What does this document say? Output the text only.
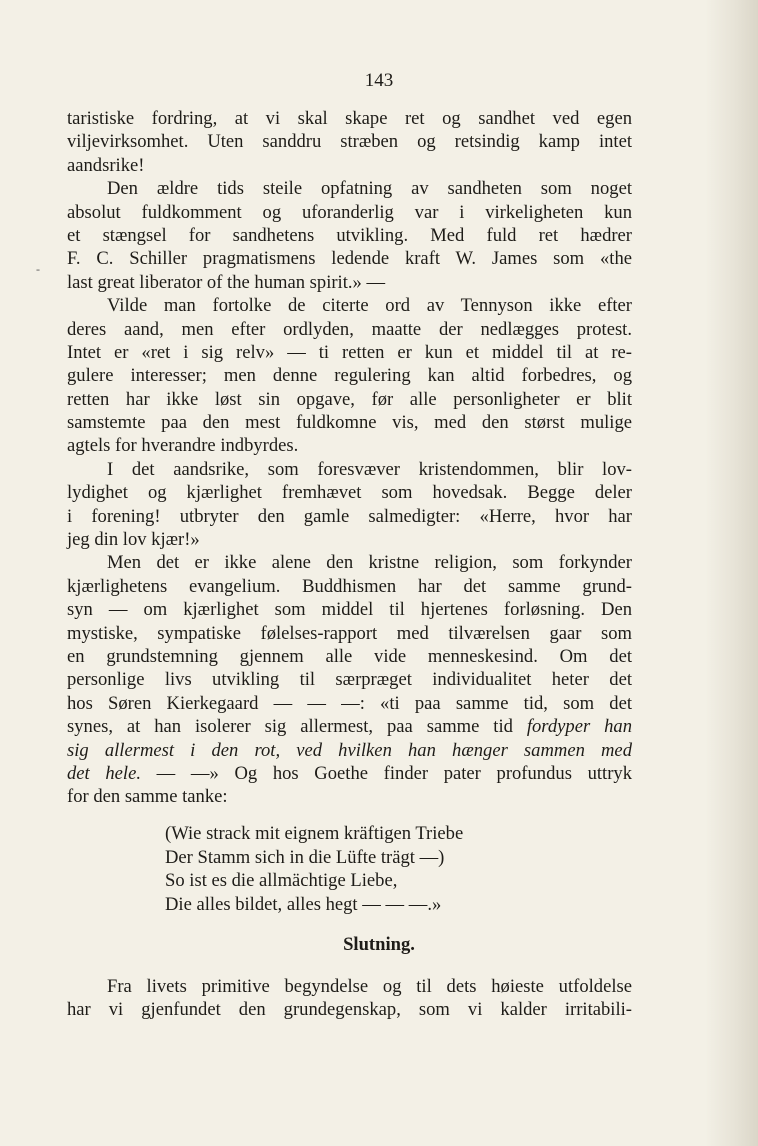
143
-
taristiske fordring, at vi skal skape ret og sandhet ved egen
viljevirksomhet. Uten sanddru stræben og retsindig kamp intet
aandsrike!
Den ældre tids steile opfatning av sandheten som noget
absolut fuldkomment og uforanderlig var i virkeligheten kun
et stængsel for sandhetens utvikling. Med fuld ret hædrer
F. C. Schiller pragmatismens ledende kraft W. James som «the
last great liberator of the human spirit.» —
Vilde man fortolke de citerte ord av Tennyson ikke efter
deres aand, men efter ordlyden, maatte der nedlægges protest.
Intet er «ret i sig relv» — ti retten er kun et middel til at re-
gulere interesser; men denne regulering kan altid forbedres, og
retten har ikke løst sin opgave, før alle personligheter er blit
samstemte paa den mest fuldkomne vis, med den størst mulige
agtels for hverandre indbyrdes.
I det aandsrike, som foresvæver kristendommen, blir lov-
lydighet og kjærlighet fremhævet som hovedsak. Begge deler
i forening! utbryter den gamle salmedigter: «Herre, hvor har
jeg din lov kjær!»
Men det er ikke alene den kristne religion, som forkynder
kjærlighetens evangelium. Buddhismen har det samme grund-
syn — om kjærlighet som middel til hjertenes forløsning. Den
mystiske, sympatiske følelses-rapport med tilværelsen gaar som
en grundstemning gjennem alle vide menneskesind. Om det
personlige livs utvikling til særpræget individualitet heter det
hos Søren Kierkegaard — — —: «ti paa samme tid, som det
synes, at han isolerer sig allermest, paa samme tid fordyper han
sig allermest i den rot, ved hvilken han hænger sammen med
det hele. — —» Og hos Goethe finder pater profundus uttryk
for den samme tanke:
(Wie strack mit eignem kräftigen Triebe
Der Stamm sich in die Lüfte trägt —)
So ist es die allmächtige Liebe,
Die alles bildet, alles hegt — — —.»
Slutning.
Fra livets primitive begyndelse og til dets høieste utfoldelse
har vi gjenfundet den grundegenskap, som vi kalder irritabili-
